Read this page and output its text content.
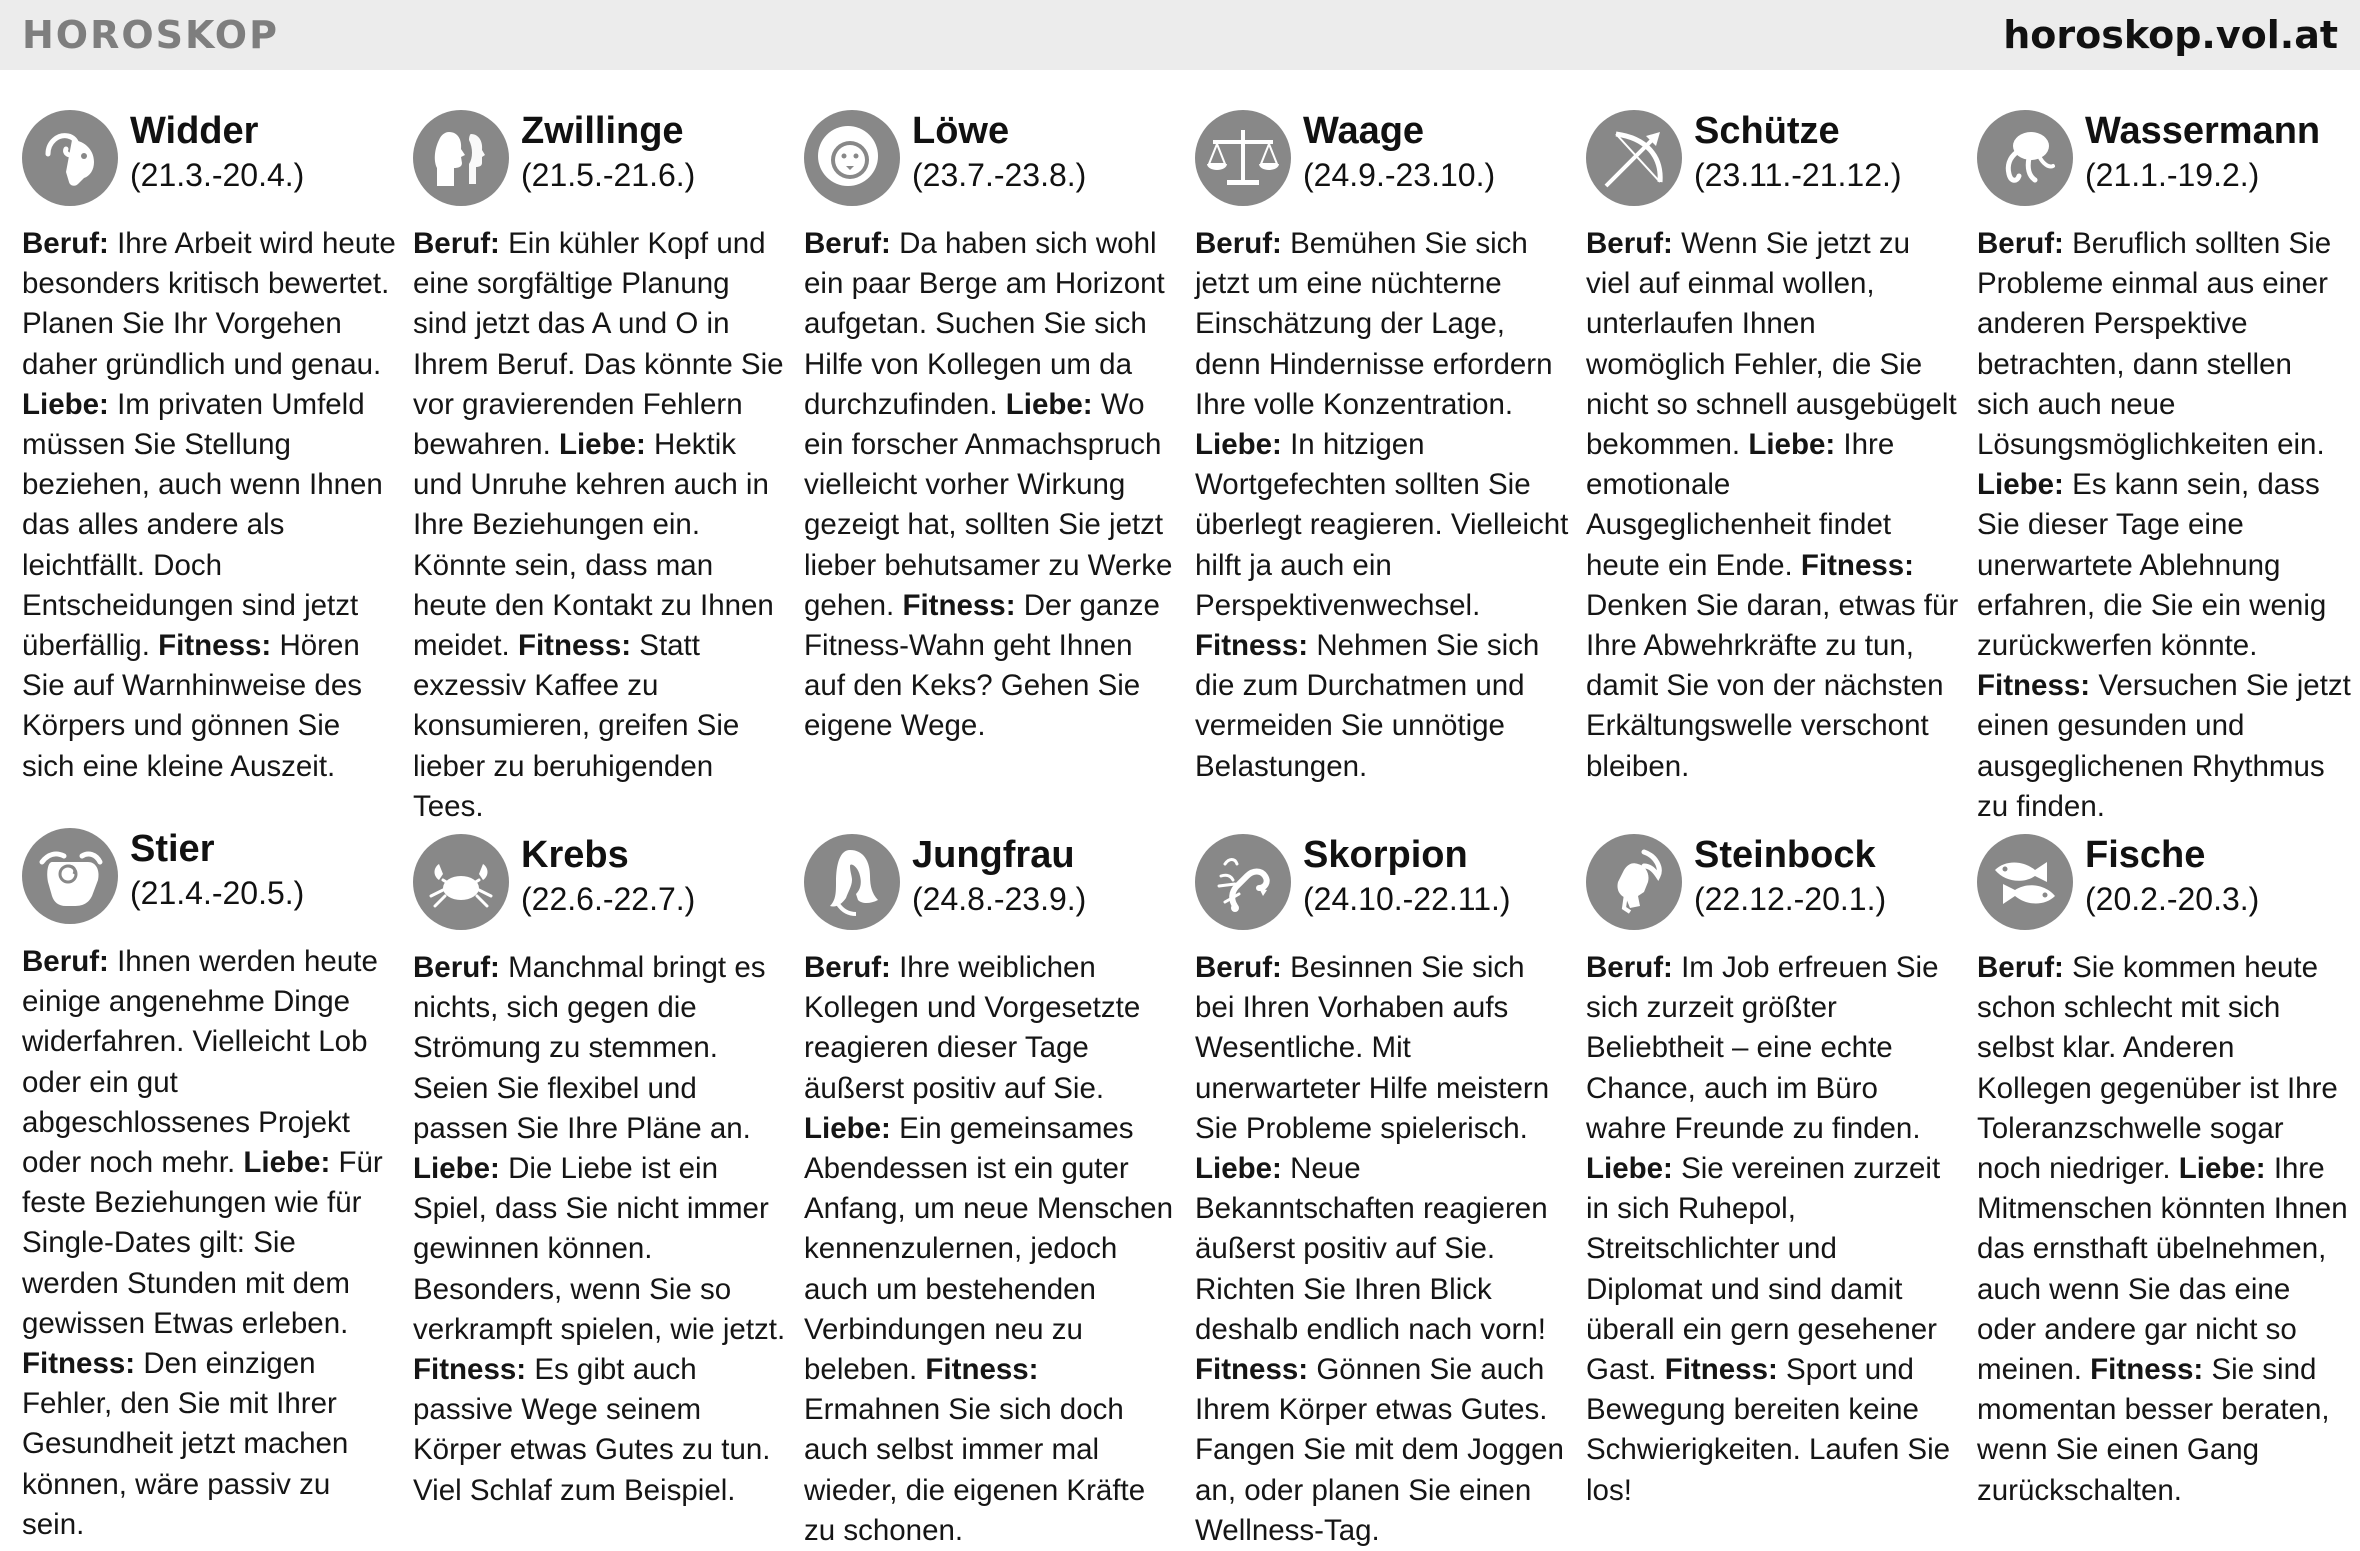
HOROSKOP	horoskop.vol.at
Widder
(21.3.-20.4.)
Beruf: Ihre Arbeit wird heute besonders kritisch bewertet. Planen Sie Ihr Vorgehen daher gründlich und genau. Liebe: Im privaten Umfeld müssen Sie Stellung beziehen, auch wenn Ihnen das alles andere als leichtfällt. Doch Entscheidungen sind jetzt überfällig. Fitness: Hören Sie auf Warnhinweise des Körpers und gönnen Sie sich eine kleine Auszeit.
Zwillinge
(21.5.-21.6.)
Beruf: Ein kühler Kopf und eine sorgfältige Planung sind jetzt das A und O in Ihrem Beruf. Das könnte Sie vor gravierenden Fehlern bewahren. Liebe: Hektik und Unruhe kehren auch in Ihre Beziehungen ein. Könnte sein, dass man heute den Kontakt zu Ihnen meidet. Fitness: Statt exzessiv Kaffee zu konsumieren, greifen Sie lieber zu beruhigenden Tees.
Löwe
(23.7.-23.8.)
Beruf: Da haben sich wohl ein paar Berge am Horizont aufgetan. Suchen Sie sich Hilfe von Kollegen um da durchzufinden. Liebe: Wo ein forscher Anmachspruch vielleicht vorher Wirkung gezeigt hat, sollten Sie jetzt lieber behutsamer zu Werke gehen. Fitness: Der ganze Fitness-Wahn geht Ihnen auf den Keks? Gehen Sie eigene Wege.
Waage
(24.9.-23.10.)
Beruf: Bemühen Sie sich jetzt um eine nüchterne Einschätzung der Lage, denn Hindernisse erfordern Ihre volle Konzentration. Liebe: In hitzigen Wortgefechten sollten Sie überlegt reagieren. Vielleicht hilft ja auch ein Perspektivenwechsel. Fitness: Nehmen Sie sich die zum Durchatmen und vermeiden Sie unnötige Belastungen.
Schütze
(23.11.-21.12.)
Beruf: Wenn Sie jetzt zu viel auf einmal wollen, unterlaufen Ihnen womöglich Fehler, die Sie nicht so schnell ausgebügelt bekommen. Liebe: Ihre emotionale Ausgeglichenheit findet heute ein Ende. Fitness: Denken Sie daran, etwas für Ihre Abwehrkräfte zu tun, damit Sie von der nächsten Erkältungswelle verschont bleiben.
Wassermann
(21.1.-19.2.)
Beruf: Beruflich sollten Sie Probleme einmal aus einer anderen Perspektive betrachten, dann stellen sich auch neue Lösungsmöglichkeiten ein. Liebe: Es kann sein, dass Sie dieser Tage eine unerwartete Ablehnung erfahren, die Sie ein wenig zurückwerfen könnte. Fitness: Versuchen Sie jetzt einen gesunden und ausgeglichenen Rhythmus zu finden.
Stier
(21.4.-20.5.)
Beruf: Ihnen werden heute einige angenehme Dinge widerfahren. Vielleicht Lob oder ein gut abgeschlossenes Projekt oder noch mehr. Liebe: Für feste Beziehungen wie für Single-Dates gilt: Sie werden Stunden mit dem gewissen Etwas erleben. Fitness: Den einzigen Fehler, den Sie mit Ihrer Gesundheit jetzt machen können, wäre passiv zu sein.
Krebs
(22.6.-22.7.)
Beruf: Manchmal bringt es nichts, sich gegen die Strömung zu stemmen. Seien Sie flexibel und passen Sie Ihre Pläne an. Liebe: Die Liebe ist ein Spiel, dass Sie nicht immer gewinnen können. Besonders, wenn Sie so verkrampft spielen, wie jetzt. Fitness: Es gibt auch passive Wege seinem Körper etwas Gutes zu tun. Viel Schlaf zum Beispiel.
Jungfrau
(24.8.-23.9.)
Beruf: Ihre weiblichen Kollegen und Vorgesetzte reagieren dieser Tage äußerst positiv auf Sie. Liebe: Ein gemeinsames Abendessen ist ein guter Anfang, um neue Menschen kennenzulernen, jedoch auch um bestehenden Verbindungen neu zu beleben. Fitness: Ermahnen Sie sich doch auch selbst immer mal wieder, die eigenen Kräfte zu schonen.
Skorpion
(24.10.-22.11.)
Beruf: Besinnen Sie sich bei Ihren Vorhaben aufs Wesentliche. Mit unerwarteter Hilfe meistern Sie Probleme spielerisch. Liebe: Neue Bekanntschaften reagieren äußerst positiv auf Sie. Richten Sie Ihren Blick deshalb endlich nach vorn! Fitness: Gönnen Sie auch Ihrem Körper etwas Gutes. Fangen Sie mit dem Joggen an, oder planen Sie einen Wellness-Tag.
Steinbock
(22.12.-20.1.)
Beruf: Im Job erfreuen Sie sich zurzeit größter Beliebtheit – eine echte Chance, auch im Büro wahre Freunde zu finden. Liebe: Sie vereinen zurzeit in sich Ruhepol, Streitschlichter und Diplomat und sind damit überall ein gern gesehener Gast. Fitness: Sport und Bewegung bereiten keine Schwierigkeiten. Laufen Sie los!
Fische
(20.2.-20.3.)
Beruf: Sie kommen heute schon schlecht mit sich selbst klar. Anderen Kollegen gegenüber ist Ihre Toleranzschwelle sogar noch niedriger. Liebe: Ihre Mitmenschen könnten Ihnen das ernsthaft übelnehmen, auch wenn Sie das eine oder andere gar nicht so meinen. Fitness: Sie sind momentan besser beraten, wenn Sie einen Gang zurückschalten.
